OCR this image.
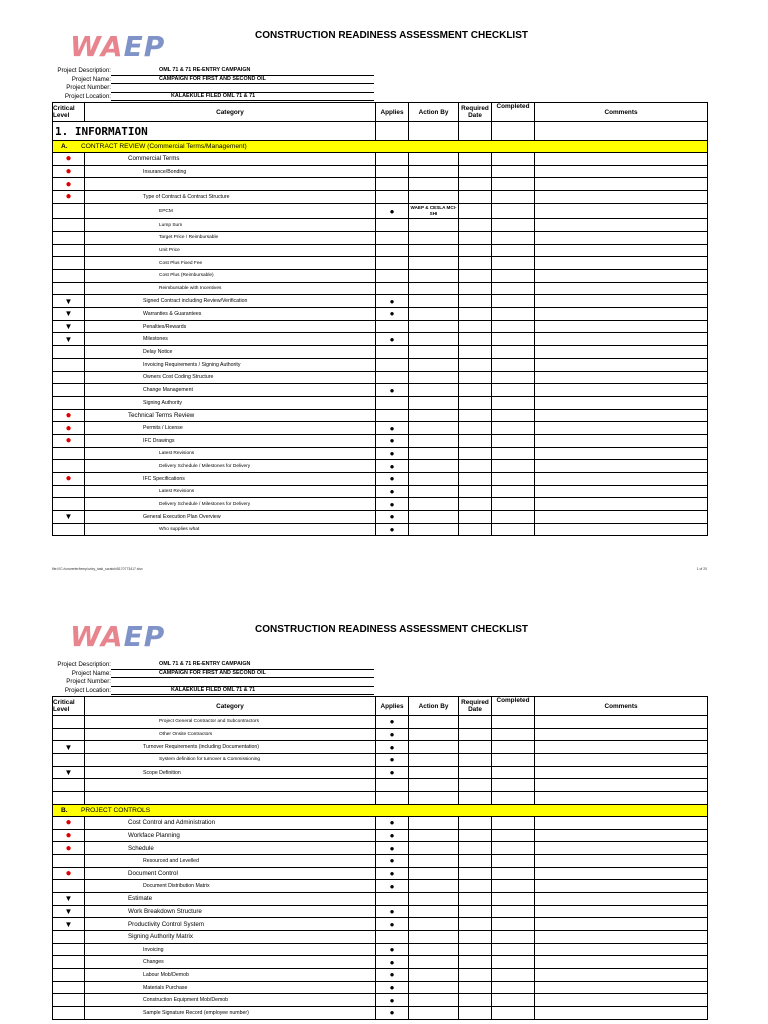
WAEP	CONSTRUCTION READINESS ASSESSMENT CHECKLIST
Project Description:	OML 71 & 71 RE-ENTRY CAMPAIGN
Project Name:	CAMPAIGN FOR FIRST AND SECOND OIL
Project Number:
Project Location:	KALAEKULE FILED OML 71 & 71
Critical Level	Category	Applies	Action By	Required Date	Completed	Comments
1. INFORMATION						
A. CONTRACT REVIEW (Commercial Terms/Management)						
●	Commercial Terms					
●	Insurance/Bonding					
●						
●	Type of Contract & Contract Structure					
	EPCM	●	WAEP & CESLA MCI-SHI			
	Lump Sum					
	Target Price / Reimbursable					
	Unit Price					
	Cost Plus Fixed Fee					
	Cost Plus (Reimbursable)					
	Reimbursable with Incentives					
▼	Signed Contract including Review/Verification	●				
▼	Warranties & Guarantees	●				
▼	Penalties/Rewards					
▼	Milestones	●				
	Delay Notice					
	Invoicing Requirements / Signing Authority					
	Owners Cost Coding Structure					
	Change Management	●				
	Signing Authority					
●	Technical Terms Review					
●	Permits / License	●				
●	IFC Drawings	●				
	Latest Revisions	●				
	Delivery Schedule / Milestones for Delivery	●				
●	IFC Specifications	●				
	Latest Revisions	●				
	Delivery Schedule / Milestones for Delivery	●				
▼	General Execution Plan Overview	●				
	Who supplies what	●				
file:///C:/converter/temp/urlxy_task_scratch/8170773417.xlsx	1 of 20
WAEP	CONSTRUCTION READINESS ASSESSMENT CHECKLIST
Project Description:	OML 71 & 71 RE-ENTRY CAMPAIGN
Project Name:	CAMPAIGN FOR FIRST AND SECOND OIL
Project Number:
Project Location:	KALAEKULE FILED OML 71 & 71
Critical Level	Category	Applies	Action By	Required Date	Completed	Comments
	Project General Contractor and Subcontractors	●				
	Other Onsite Contractors	●				
▼	Turnover Requirements (including Documentation)	●				
	System definition for turnover & Commissioning	●				
▼	Scope Definition	●				

B. PROJECT CONTROLS						
●	Cost Control and Administration	●				
●	Workface Planning	●				
●	Schedule	●				
	Resourced and Levelled	●				
●	Document Control	●				
	Document Distribution Matrix	●				
▼	Estimate					
▼	Work Breakdown Structure	●				
▼	Productivity Control System	●				
	Signing Authority Matrix					
	Invoicing	●				
	Changes	●				
	Labour Mob/Demob	●				
	Materials Purchase	●				
	Construction Equipment Mob/Demob	●				
	Sample Signature Record (employee number)	●				
